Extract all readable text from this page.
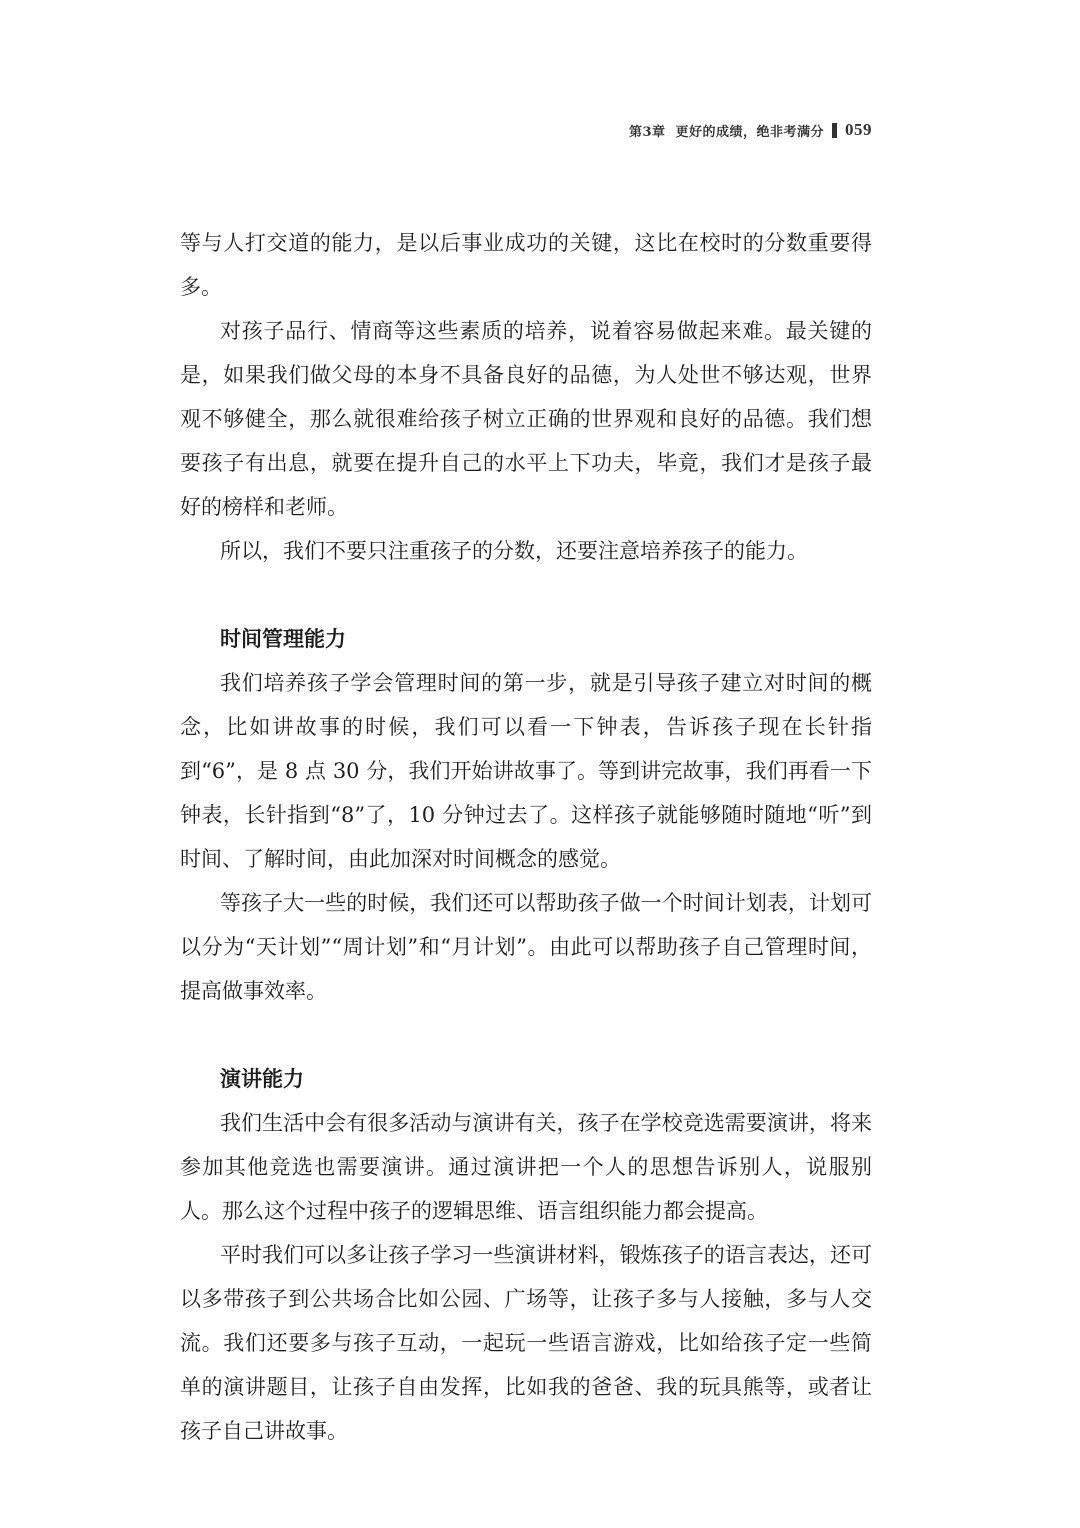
第3章 更好的成绩，绝非考满分 059

等与人打交道的能力，是以后事业成功的关键，这比在校时的分数重要得多。

对孩子品行、情商等这些素质的培养，说着容易做起来难。最关键的是，如果我们做父母的本身不具备良好的品德，为人处世不够达观，世界观不够健全，那么就很难给孩子树立正确的世界观和良好的品德。我们想要孩子有出息，就要在提升自己的水平上下功夫，毕竟，我们才是孩子最好的榜样和老师。

所以，我们不要只注重孩子的分数，还要注意培养孩子的能力。

时间管理能力

我们培养孩子学会管理时间的第一步，就是引导孩子建立对时间的概念，比如讲故事的时候，我们可以看一下钟表，告诉孩子现在长针指到“6”，是 8 点 30 分，我们开始讲故事了。等到讲完故事，我们再看一下钟表，长针指到“8”了，10 分钟过去了。这样孩子就能够随时随地“听”到时间、了解时间，由此加深对时间概念的感觉。

等孩子大一些的时候，我们还可以帮助孩子做一个时间计划表，计划可以分为“天计划”“周计划”和“月计划”。由此可以帮助孩子自己管理时间，提高做事效率。

演讲能力

我们生活中会有很多活动与演讲有关，孩子在学校竞选需要演讲，将来参加其他竞选也需要演讲。通过演讲把一个人的思想告诉别人，说服别人。那么这个过程中孩子的逻辑思维、语言组织能力都会提高。

平时我们可以多让孩子学习一些演讲材料，锻炼孩子的语言表达，还可以多带孩子到公共场合比如公园、广场等，让孩子多与人接触，多与人交流。我们还要多与孩子互动，一起玩一些语言游戏，比如给孩子定一些简单的演讲题目，让孩子自由发挥，比如我的爸爸、我的玩具熊等，或者让孩子自己讲故事。
